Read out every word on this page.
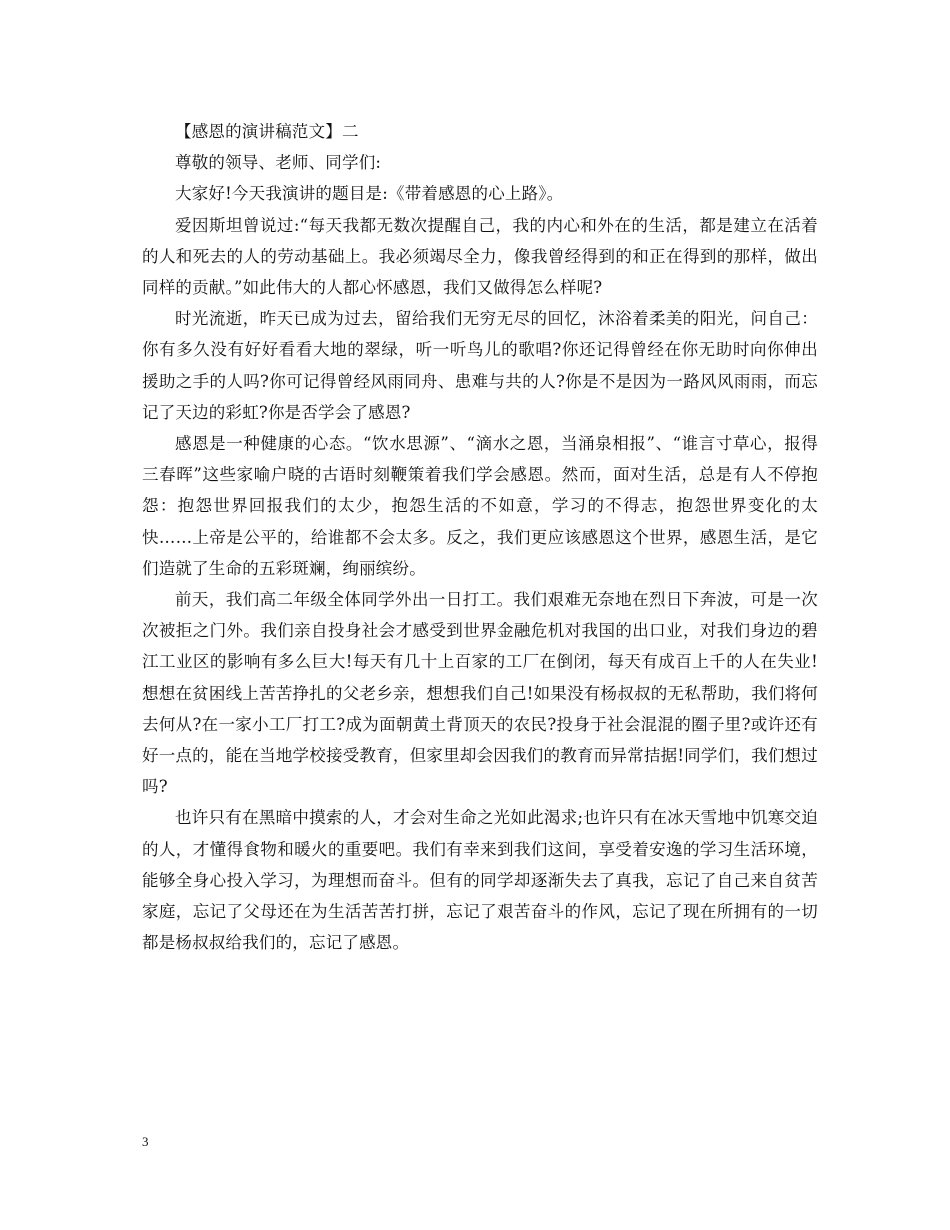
【感恩的演讲稿范文】二

尊敬的领导、老师、同学们:

大家好!今天我演讲的题目是:《带着感恩的心上路》。

爱因斯坦曾说过:“每天我都无数次提醒自己，我的内心和外在的生活，都是建立在活着的人和死去的人的劳动基础上。我必须竭尽全力，像我曾经得到的和正在得到的那样，做出同样的贡献。”如此伟大的人都心怀感恩，我们又做得怎么样呢?

时光流逝，昨天已成为过去，留给我们无穷无尽的回忆，沐浴着柔美的阳光，问自己：你有多久没有好好看看大地的翠绿，听一听鸟儿的歌唱?你还记得曾经在你无助时向你伸出援助之手的人吗?你可记得曾经风雨同舟、患难与共的人?你是不是因为一路风风雨雨，而忘记了天边的彩虹?你是否学会了感恩?

感恩是一种健康的心态。“饮水思源”、“滴水之恩，当涌泉相报”、“谁言寸草心，报得三春晖”这些家喻户晓的古语时刻鞭策着我们学会感恩。然而，面对生活，总是有人不停抱怨：抱怨世界回报我们的太少，抱怨生活的不如意，学习的不得志，抱怨世界变化的太快……上帝是公平的，给谁都不会太多。反之，我们更应该感恩这个世界，感恩生活，是它们造就了生命的五彩斑斓，绚丽缤纷。

前天，我们高二年级全体同学外出一日打工。我们艰难无奈地在烈日下奔波，可是一次次被拒之门外。我们亲自投身社会才感受到世界金融危机对我国的出口业，对我们身边的碧江工业区的影响有多么巨大!每天有几十上百家的工厂在倒闭，每天有成百上千的人在失业!想想在贫困线上苦苦挣扎的父老乡亲，想想我们自己!如果没有杨叔叔的无私帮助，我们将何去何从?在一家小工厂打工?成为面朝黄土背顶天的农民?投身于社会混混的圈子里?或许还有好一点的，能在当地学校接受教育，但家里却会因我们的教育而异常拮据!同学们，我们想过吗?

也许只有在黑暗中摸索的人，才会对生命之光如此渴求;也许只有在冰天雪地中饥寒交迫的人，才懂得食物和暖火的重要吧。我们有幸来到我们这间，享受着安逸的学习生活环境，能够全身心投入学习，为理想而奋斗。但有的同学却逐渐失去了真我，忘记了自己来自贫苦家庭，忘记了父母还在为生活苦苦打拼，忘记了艰苦奋斗的作风，忘记了现在所拥有的一切都是杨叔叔给我们的，忘记了感恩。

3
